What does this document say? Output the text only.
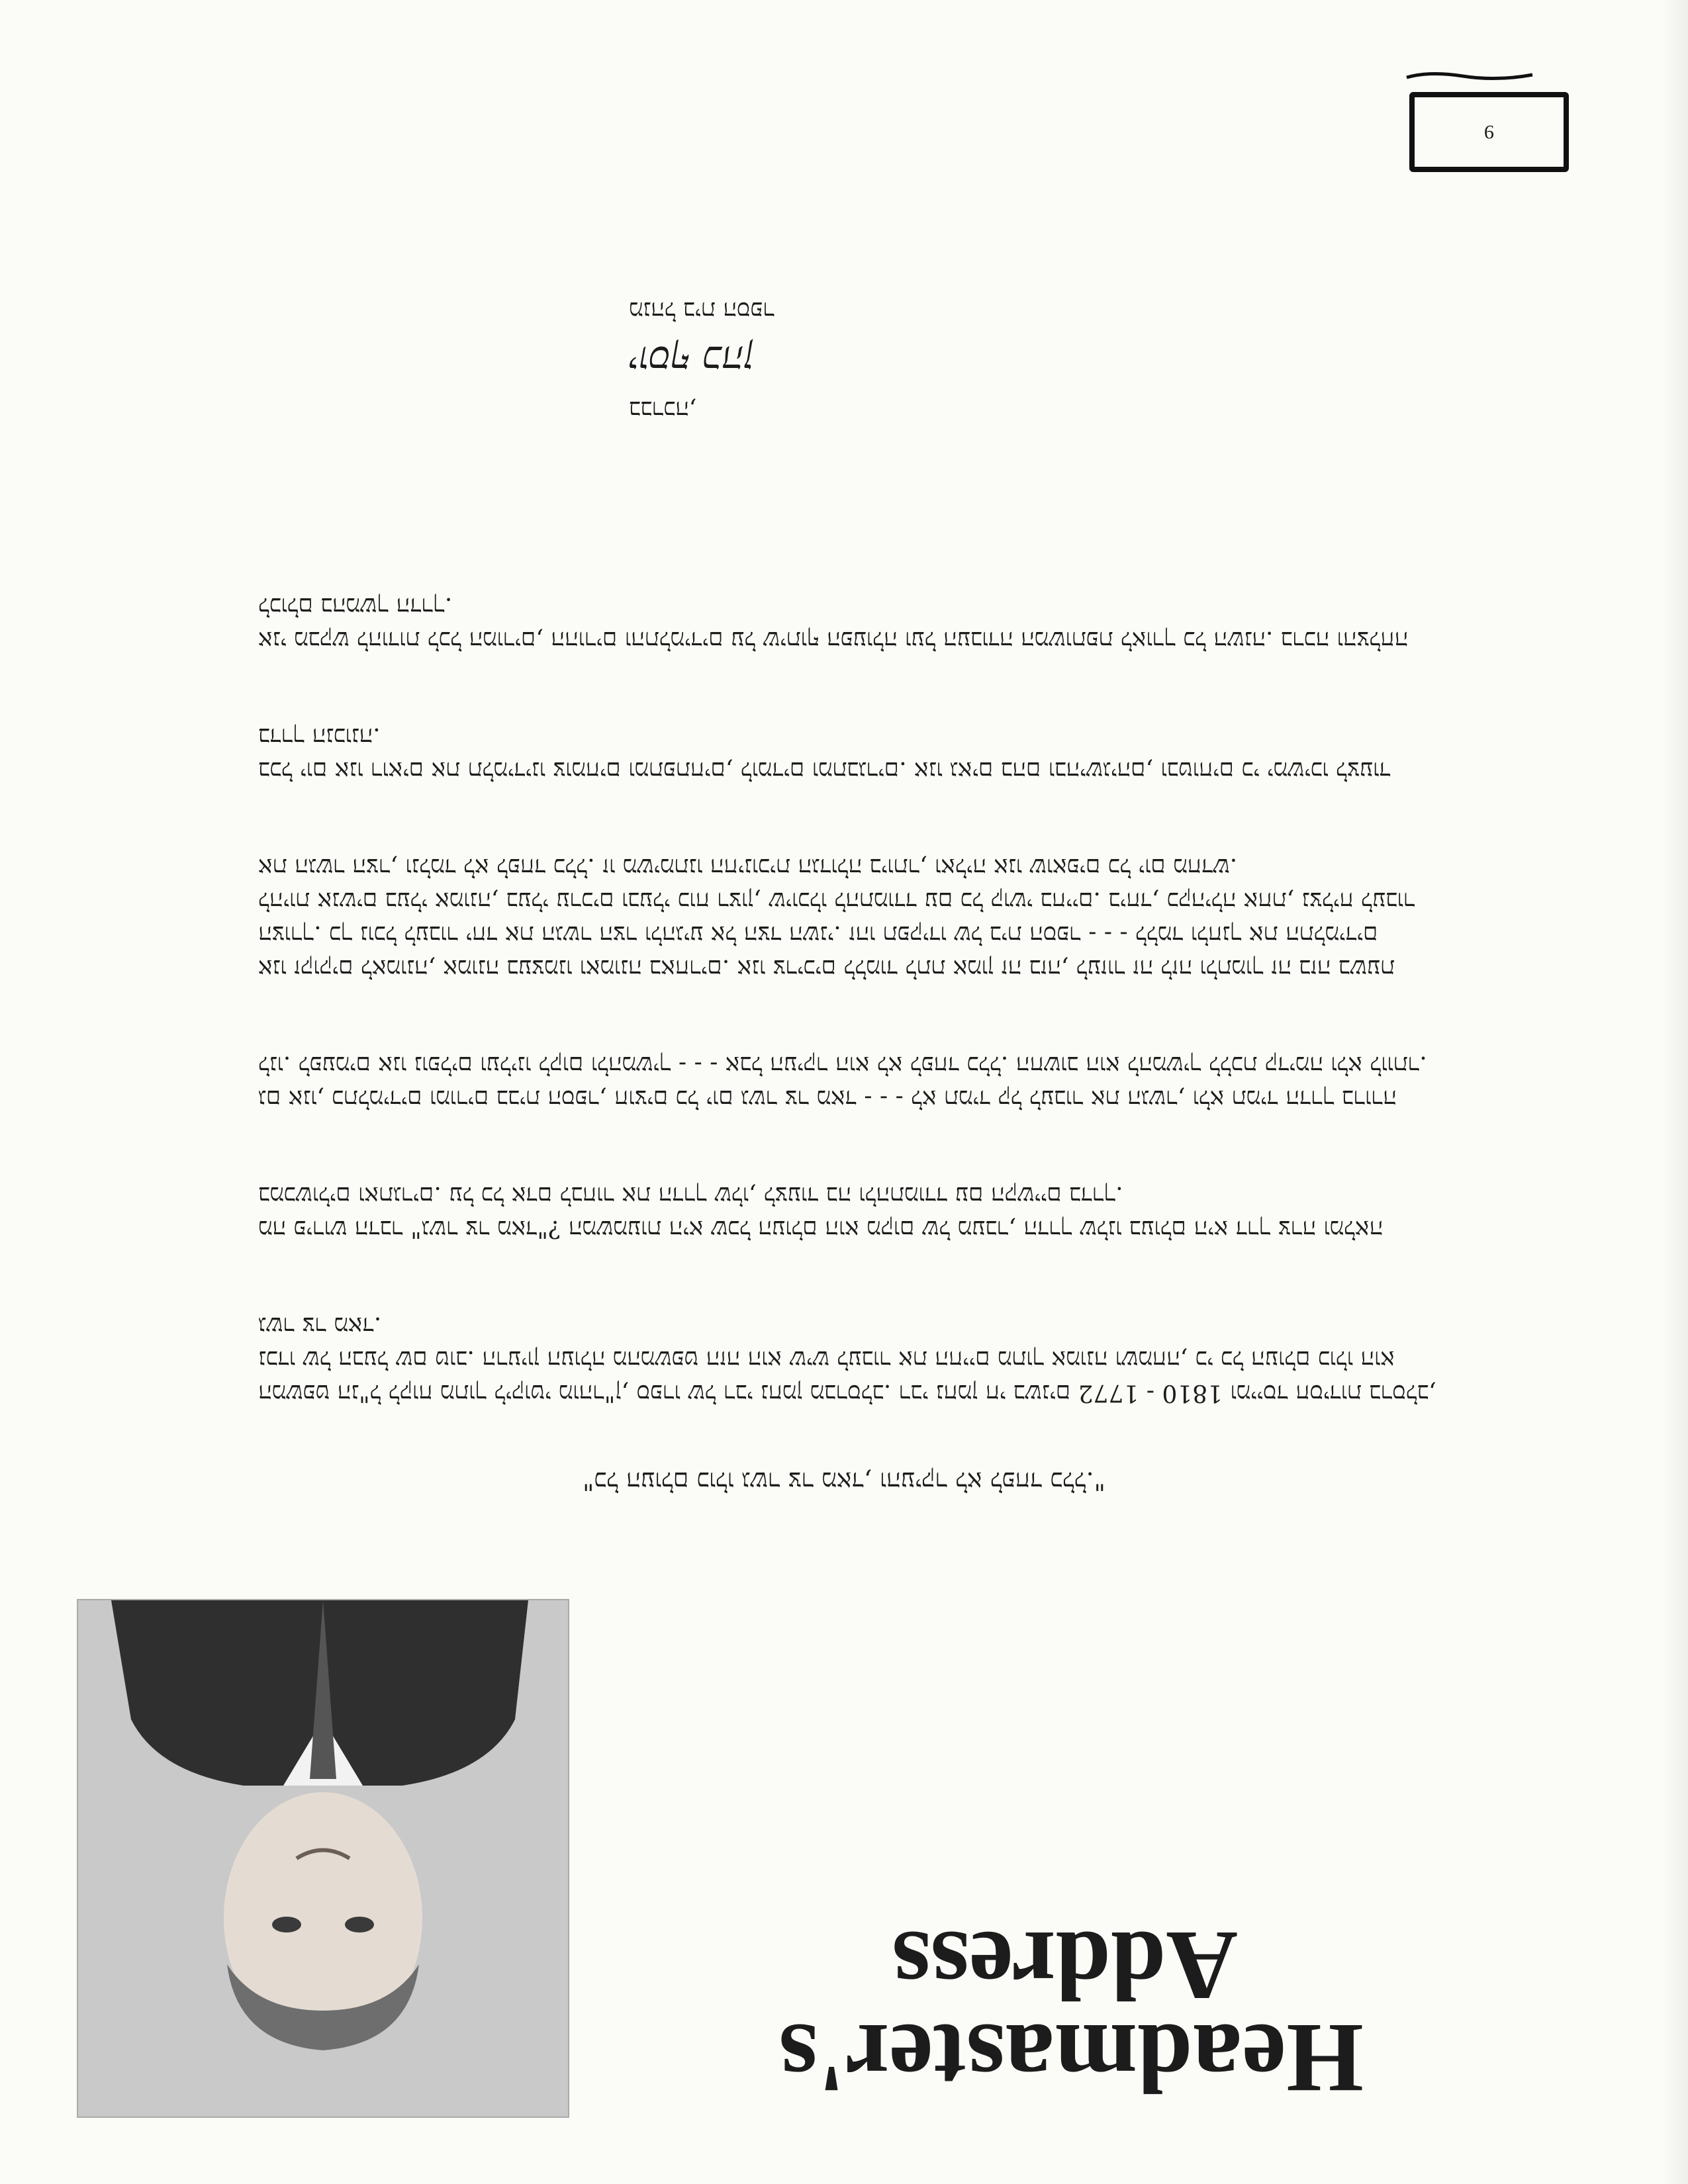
Headmaster's
Address
"כל העולם כולו גשר צר מאד, והעיקר לא לפחד כלל."

המשפט הנ"ל לקוח מתוך ליקוטי מוהר"ן, ספרו של רבי נחמן מברסלב. רבי נחמן חי בשנים 1772 - 1810 ומייסד חסידות ברסלב, נכדו של הבעל שם טוב. הרעיון העולה מהמשפט הזה הוא שיש לעבור את החיים מתוך אמונה ושמחה, כי כל העולם כולו הוא גשר צר מאד.

מה פירוש הדבר "גשר צר מאד"? המשמעות היא שכל העולם הוא מקום של מעבר, הדרך שלנו בעולם היא דרך צרה ומלאה במכשולים ואתגרים. על כל אדם לבחור את הדרך שלו, לצעוד בה ולהתמודד עם הקשיים בדרך.

גם אנו, כתלמידים ומורים בבית הספר, חוצים כל יום גשר צר מאד - - - לא תמיד קל לעבור את הגשר, ולא תמיד הדרך ברורה לנו. לפעמים אנו נופלים ועלינו לקום ולהמשיך - - - אבל העיקר הוא לא לפחד כלל. החשוב הוא להמשיך ללכת קדימה ולא לוותר.

אנו זקוקים לאמונה, אמונה בעצמנו ואמונה באחרים. אנו צריכים ללמוד לתת אמון זה בזה, לעזור זה לזה ולתמוך זה בזה בשעת הצורך. כך נוכל לעבור יחד את הגשר הצר ולהגיע אל הצד השני. זהו תפקידו של בית הספר - - - ללמד ולחנך את התלמידים להיות אנשים בעלי אמונה, בעלי ערכים ובעלי כוח רצון, שיוכלו להתמודד עם כל קושי בחיים. ביחד, כקהילה אחת, נצליח לעבור את הגשר הצר, ונלמד לא לפחד כלל. זו משימתנו החינוכית הגדולה ביותר, ואליה אנו שואפים כל יום מחדש.

בכל יום אנו רואים את תלמידינו צומחים ומתפתחים, לומדים ומתבגרים. אנו גאים בהם ובהישגיהם, ובטוחים כי ימשיכו לצעוד בדרך הנכונה.

אני מבקש להודות לכל המורים, ההורים והתלמידים על שיתוף הפעולה ועל העבודה המשותפת לאורך כל השנה. ברכה והצלחה לכולם בהמשך הדרך.

בברכה,
יוסף כהן
מנהל בית הספר
9
